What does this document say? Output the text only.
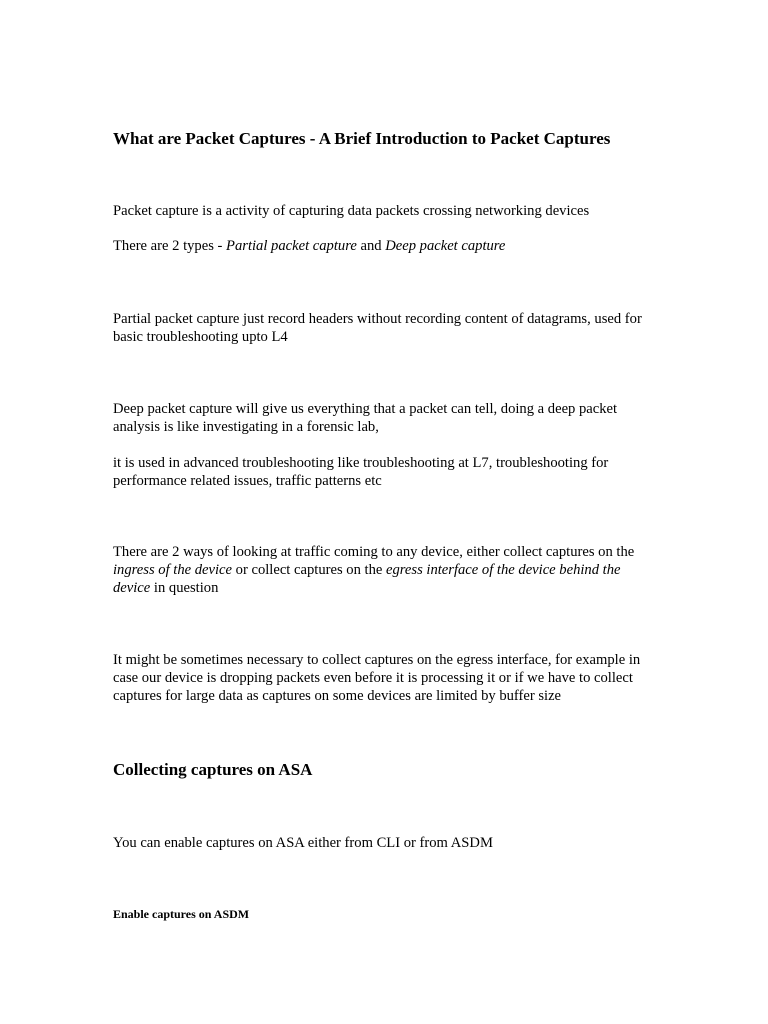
What are Packet Captures - A Brief Introduction to Packet Captures

Packet capture is a activity of capturing data packets crossing networking devices

There are 2 types - Partial packet capture and Deep packet capture

Partial packet capture just record headers without recording content of datagrams, used for basic troubleshooting upto L4

Deep packet capture will give us everything that a packet can tell, doing a deep packet analysis is like investigating in a forensic lab,

it is used in advanced troubleshooting like troubleshooting at L7, troubleshooting for performance related issues, traffic patterns etc

There are 2 ways of looking at traffic coming to any device, either collect captures on the ingress of the device or collect captures on the egress interface of the device behind the device in question

It might be sometimes necessary to collect captures on the egress interface, for example in case our device is dropping packets even before it is processing it or if we have to collect captures for large data as captures on some devices are limited by buffer size

Collecting captures on ASA

You can enable captures on ASA either from CLI or from ASDM

Enable captures on ASDM
